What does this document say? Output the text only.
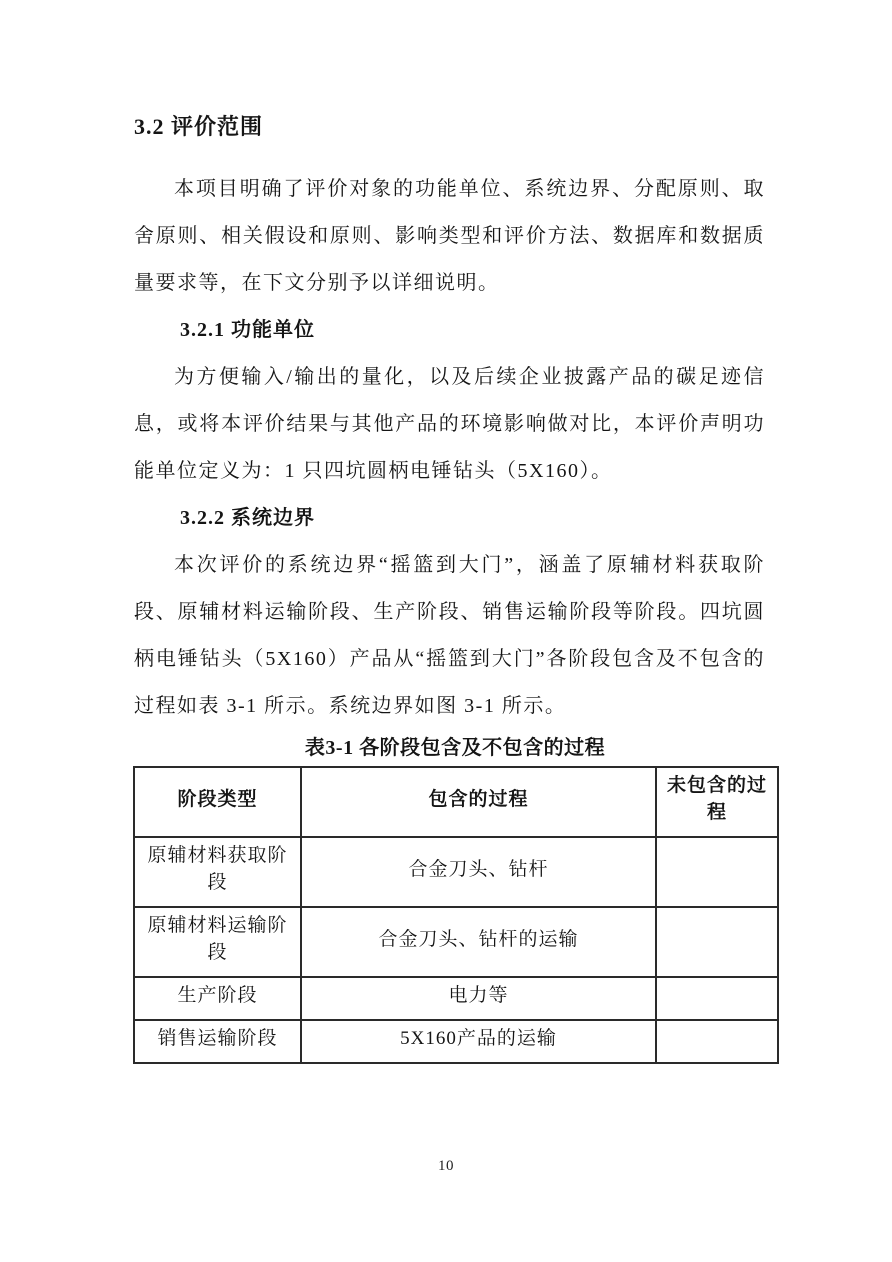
3.2 评价范围

本项目明确了评价对象的功能单位、系统边界、分配原则、取舍原则、相关假设和原则、影响类型和评价方法、数据库和数据质量要求等，在下文分别予以详细说明。

3.2.1 功能单位

为方便输入/输出的量化，以及后续企业披露产品的碳足迹信息，或将本评价结果与其他产品的环境影响做对比，本评价声明功能单位定义为：1 只四坑圆柄电锤钻头（5X160）。

3.2.2 系统边界

本次评价的系统边界“摇篮到大门”，涵盖了原辅材料获取阶段、原辅材料运输阶段、生产阶段、销售运输阶段等阶段。四坑圆柄电锤钻头（5X160）产品从“摇篮到大门”各阶段包含及不包含的过程如表 3-1 所示。系统边界如图 3-1 所示。

表3-1 各阶段包含及不包含的过程
阶段类型	包含的过程	未包含的过程
原辅材料获取阶段	合金刀头、钻杆	
原辅材料运输阶段	合金刀头、钻杆的运输	
生产阶段	电力等	
销售运输阶段	5X160产品的运输	
10
